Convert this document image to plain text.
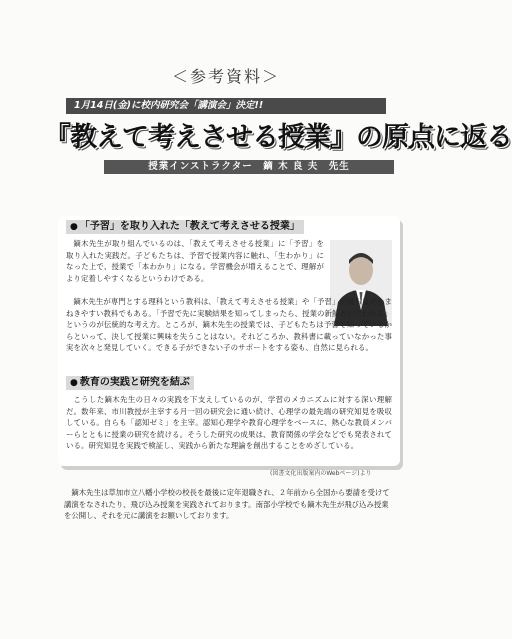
＜参考資料＞
1月14日(金)に校内研究会「講演会」決定!!
『教えて考えさせる授業』の原点に返る
授業インストラクター　鏑 木 良 夫　先生
● 「予習」を取り入れた「教えて考えさせる授業」
鏑木先生が取り組んでいるのは、「教えて考えさせる授業」に「予習」を取り入れた実践だ。子どもたちは、予習で授業内容に触れ、「生わかり」になった上で、授業で「本わかり」になる。学習機会が増えることで、理解がより定着しやすくなるというわけである。
鏑木先生が専門とする理科という教科は、「教えて考えさせる授業」や「予習」が最も反発をまねきやすい教科でもある。「予習で先に実験結果を知ってしまったら、授業の新鮮さが失われる」というのが伝統的な考え方。ところが、鏑木先生の授業では、子どもたちは予習で知っているからといって、決して授業に興味を失うことはない。それどころか、教科書に載っていなかった事実を次々と発見していく。できる子ができない子のサポートをする姿も、自然に見られる。
● 教育の実践と研究を結ぶ
こうした鏑木先生の日々の実践を下支えしているのが、学習のメカニズムに対する深い理解だ。数年来、市川教授が主宰する月一回の研究会に通い続け、心理学の最先端の研究知見を吸収している。自らも「認知ゼミ」を主宰。認知心理学や教育心理学をベースに、熱心な教員メンバーらとともに授業の研究を続ける。そうした研究の成果は、教育関係の学会などでも発表されている。研究知見を実践で検証し、実践から新たな理論を創出することをめざしている。
(図書文化出版案内のWebページ)より
鏑木先生は草加市立八幡小学校の校長を最後に定年退職され、２年前から全国から要請を受けて講演をなされたり、飛び込み授業を実践されております。南部小学校でも鏑木先生が飛び込み授業を公開し、それを元に講演をお願いしております。
